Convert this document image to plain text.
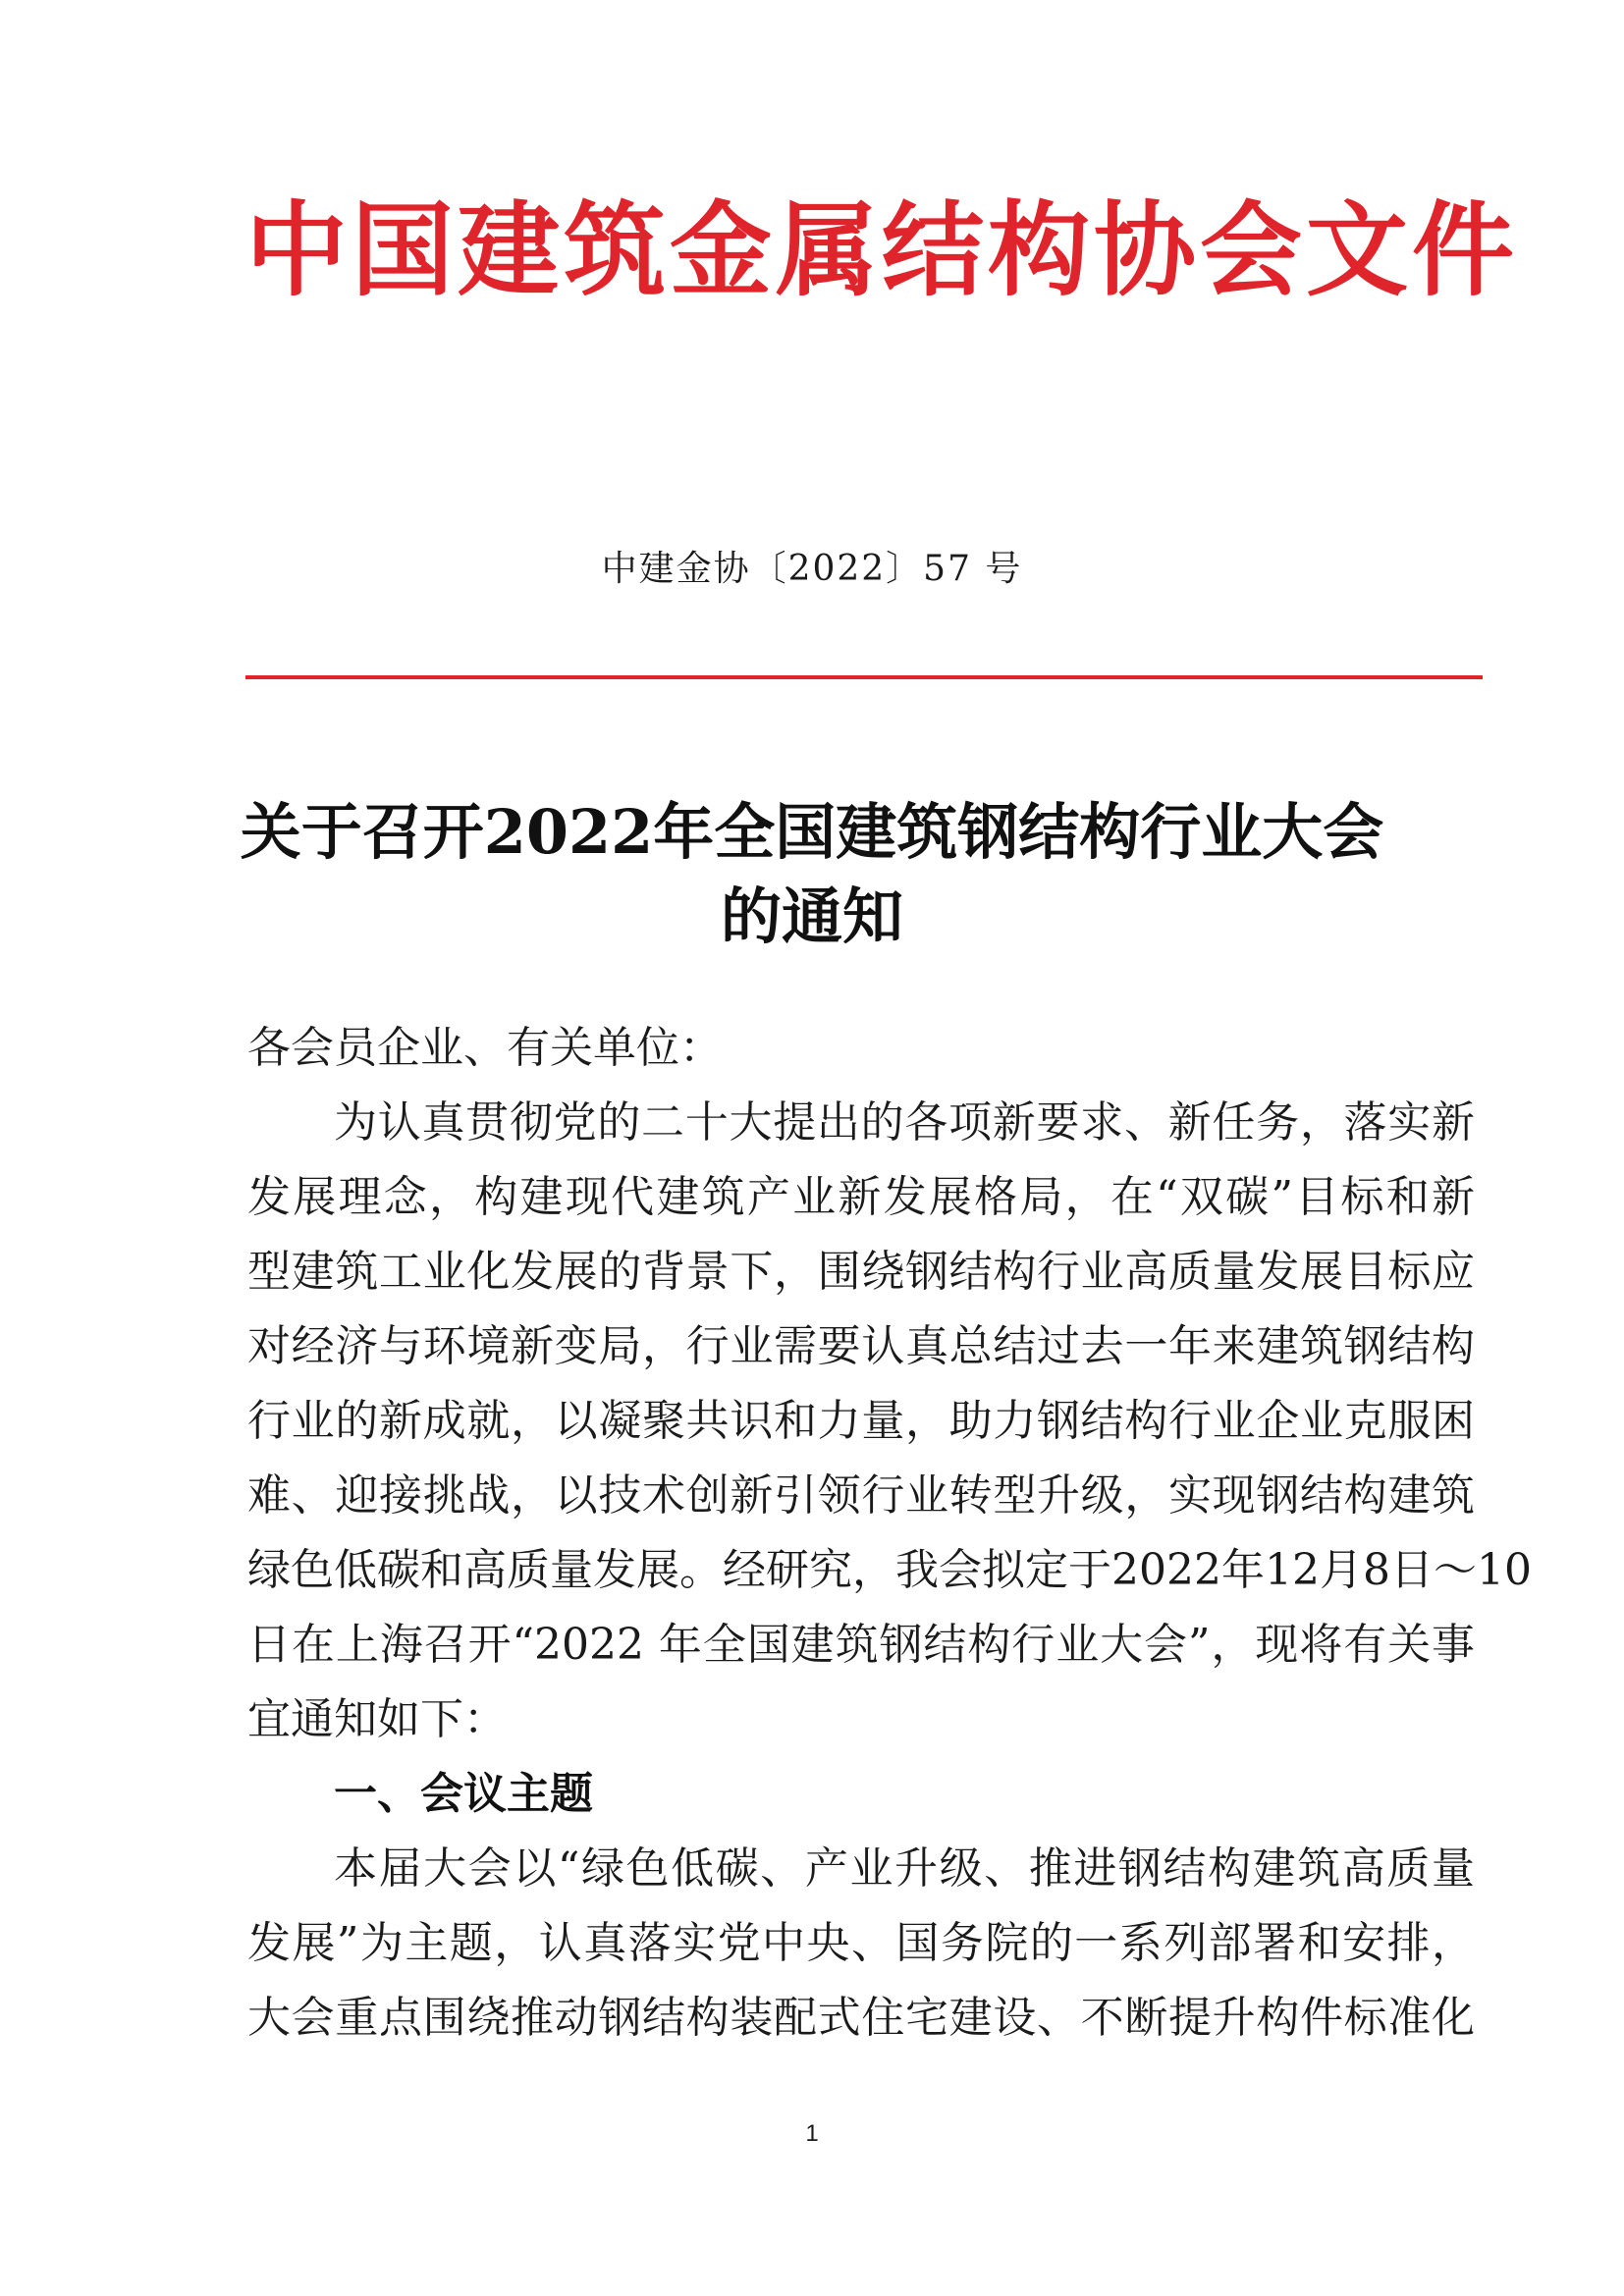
中国建筑金属结构协会文件
中建金协〔2022〕57 号
关于召开2022年全国建筑钢结构行业大会
的通知
各会员企业、有关单位：
为认真贯彻党的二十大提出的各项新要求、新任务，落实新
发展理念，构建现代建筑产业新发展格局，在“双碳”目标和新
型建筑工业化发展的背景下，围绕钢结构行业高质量发展目标应
对经济与环境新变局，行业需要认真总结过去一年来建筑钢结构
行业的新成就，以凝聚共识和力量，助力钢结构行业企业克服困
难、迎接挑战，以技术创新引领行业转型升级，实现钢结构建筑
绿色低碳和高质量发展。经研究，我会拟定于2022年12月8日～10
日在上海召开“2022 年全国建筑钢结构行业大会”，现将有关事
宜通知如下：
一、会议主题
本届大会以“绿色低碳、产业升级、推进钢结构建筑高质量
发展”为主题，认真落实党中央、国务院的一系列部署和安排，
大会重点围绕推动钢结构装配式住宅建设、不断提升构件标准化
1
